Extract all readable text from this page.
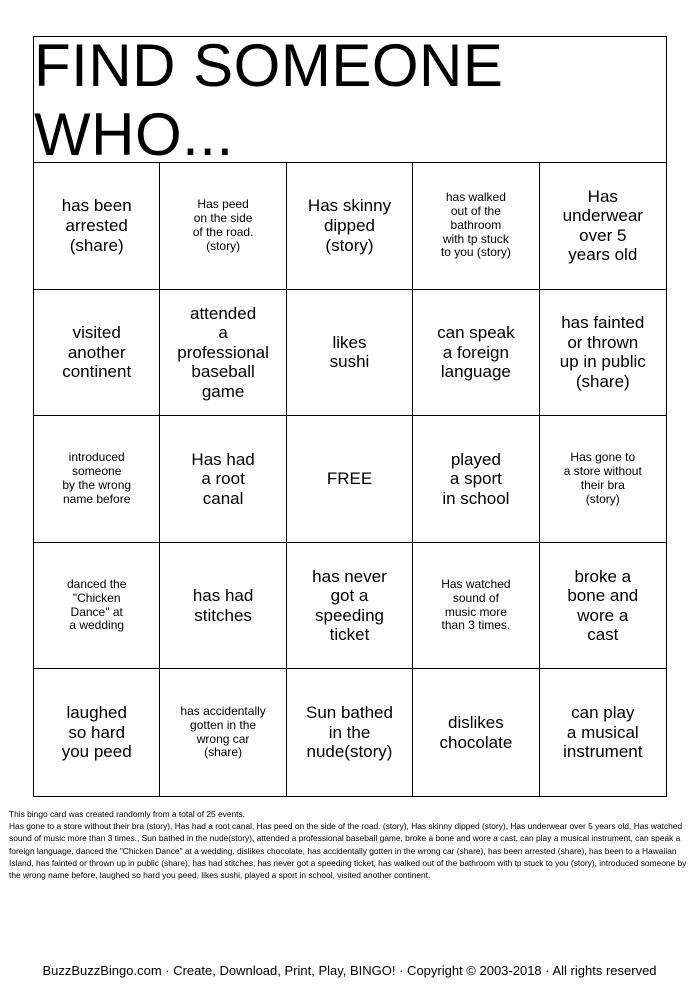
FIND SOMEONE WHO...
has been
arrested
(share)
Has peed
on the side
of the road.
(story)
Has skinny
dipped
(story)
has walked
out of the
bathroom
with tp stuck
to you (story)
Has
underwear
over 5
years old
visited
another
continent
attended
a professional
baseball
game
likes
sushi
can speak
a foreign
language
has fainted
or thrown
up in public
(share)
introduced
someone
by the wrong
name before
Has had
a root
canal
FREE
played
a sport
in school
Has gone to
a store without
their bra
(story)
danced the
"Chicken
Dance" at
a wedding
has had
stitches
has never
got a
speeding
ticket
Has watched
sound of
music more
than 3 times.
broke a
bone and
wore a
cast
laughed
so hard
you peed
has accidentally
gotten in the
wrong car
(share)
Sun bathed
in the
nude(story)
dislikes
chocolate
can play
a musical
instrument
This bingo card was created randomly from a total of 25 events.
Has gone to a store without their bra (story), Has had a root canal, Has peed on the side of the road. (story), Has skinny dipped (story), Has underwear over 5 years old, Has watched sound of music more than 3 times., Sun bathed in the nude(story), attended a professional baseball game, broke a bone and wore a cast, can play a musical instrument, can speak a foreign language, danced the "Chicken Dance" at a wedding, dislikes chocolate, has accidentally gotten in the wrong car (share), has been arrested (share), has been to a Hawaiian Island, has fainted or thrown up in public (share), has had stitches, has never got a speeding ticket, has walked out of the bathroom with tp stuck to you (story), introduced someone by the wrong name before, laughed so hard you peed, likes sushi, played a sport in school, visited another continent.
BuzzBuzzBingo.com · Create, Download, Print, Play, BINGO! · Copyright © 2003-2018 · All rights reserved
